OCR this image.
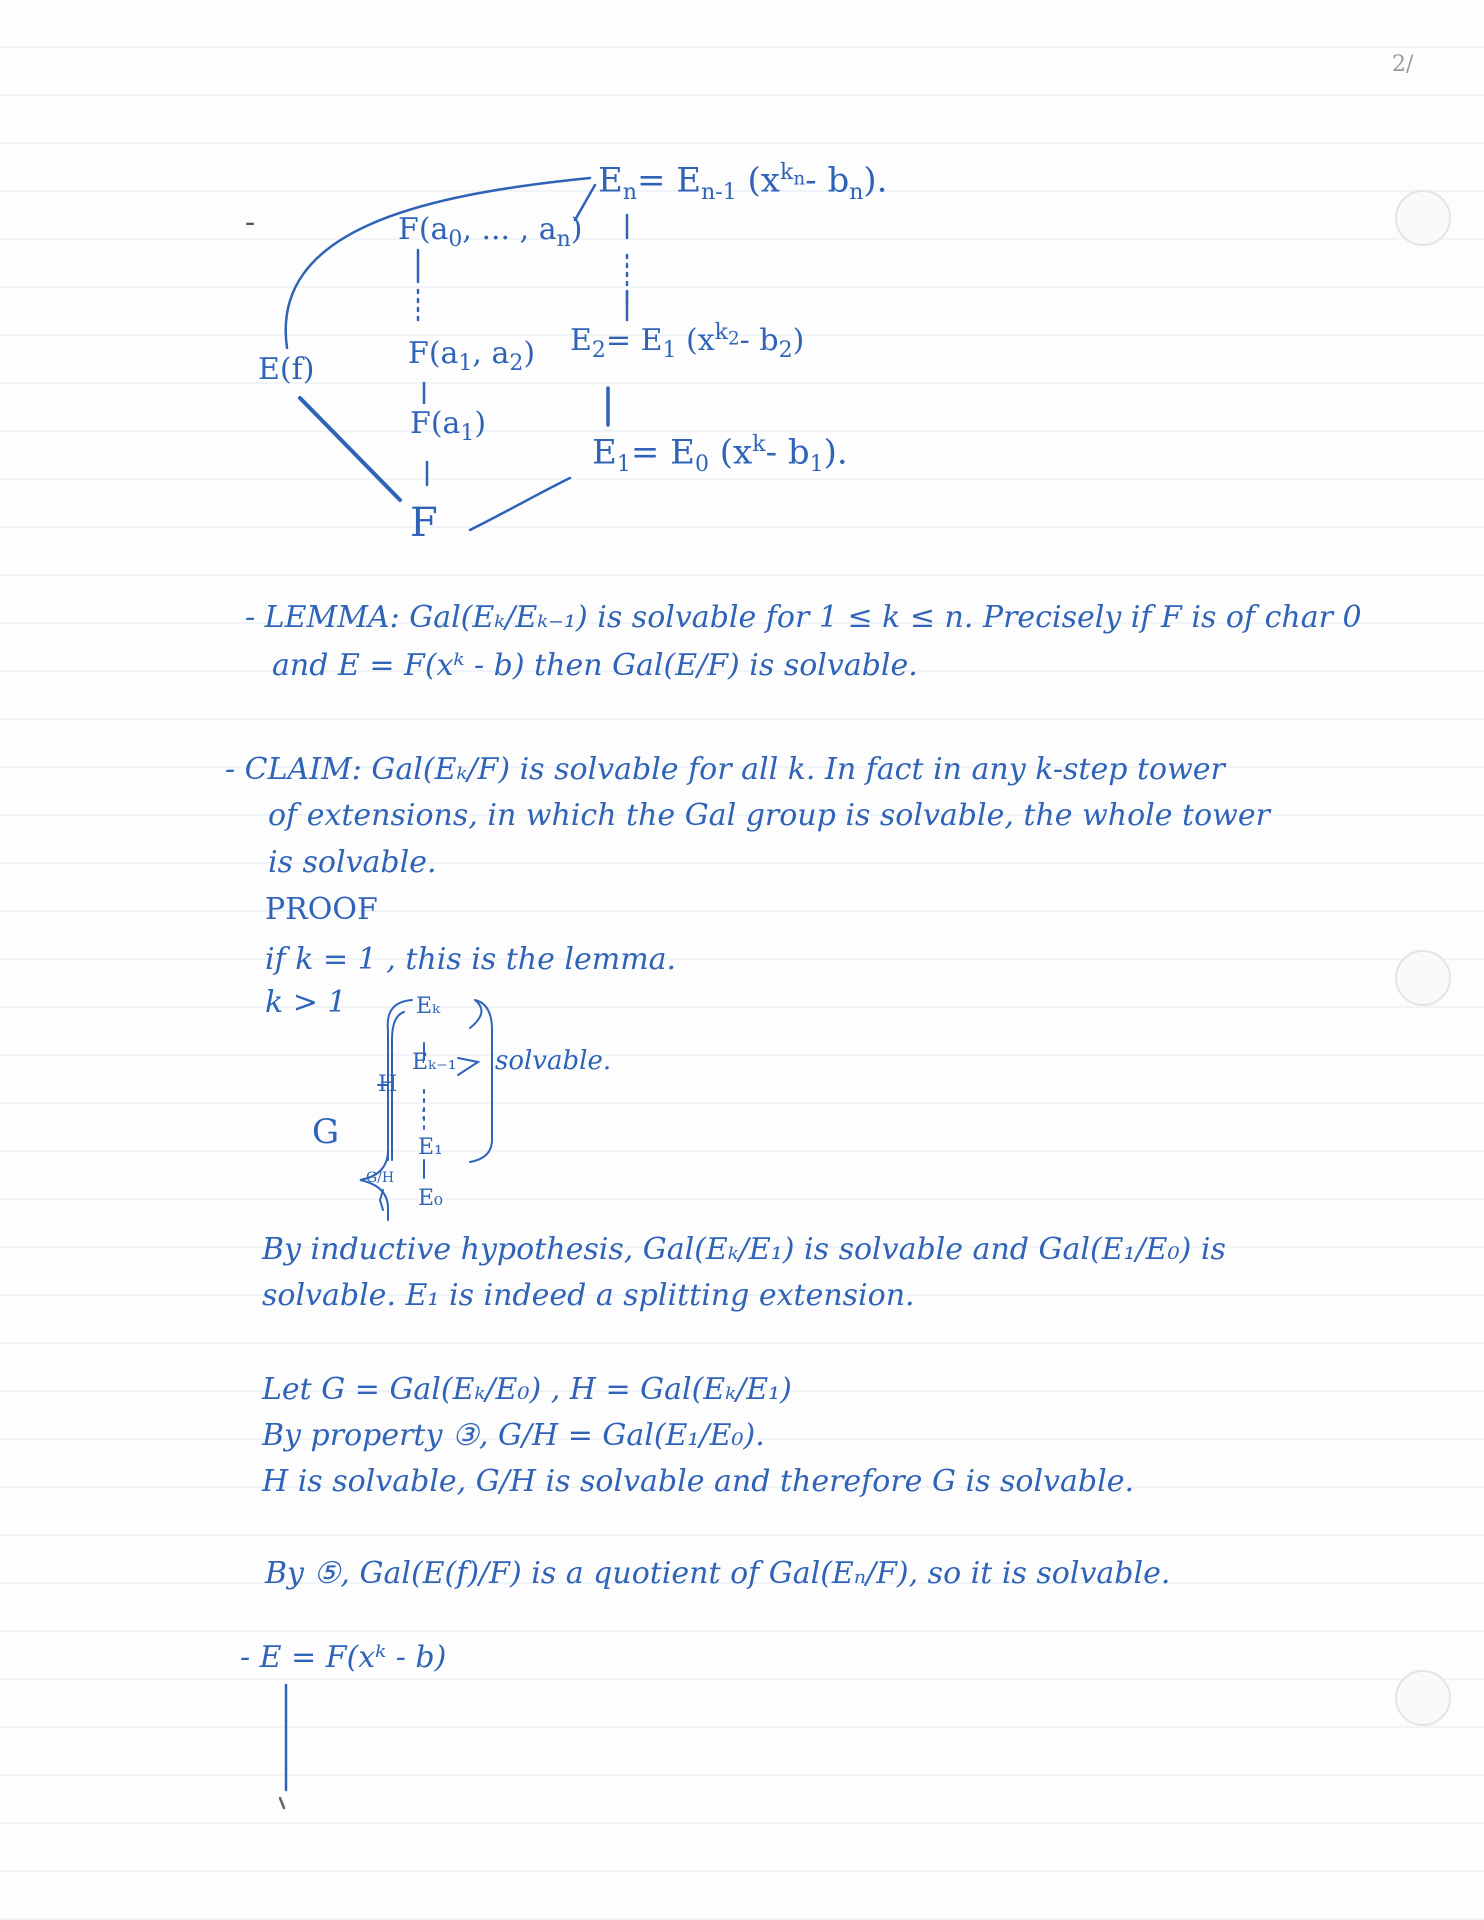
2/
-
$E_n= E_{n-1}$ ($x^{k_n}-$ $b_n$).
$F(a_0$, ... , $a_n$)
$F(a_1$, $a_2$)
$F(a_1)$
E(f)
F
$E_2= E_1$ ($x^{k_2}-$ $b_2$)
$E_1= E_0$ ($x^k-$ $b_1$).
- LEMMA: Gal(Eₖ/Eₖ₋₁) is solvable for 1 ≤ k ≤ n. Precisely if F is of char 0
and E = F(xᵏ - b) then Gal(E/F) is solvable.
- CLAIM: Gal(Eₖ/F) is solvable for all k. In fact in any k-step tower
of extensions, in which the Gal group is solvable, the whole tower
is solvable.
PROOF
if k = 1 , this is the lemma.
k > 1	Eₖ
Eₖ₋₁ solvable.
H
:
G	E₁
G/H
E₀
By inductive hypothesis, Gal(Eₖ/E₁) is solvable and Gal(E₁/E₀) is
solvable. E₁ is indeed a splitting extension.
Let G = Gal(Eₖ/E₀) , H = Gal(Eₖ/E₁)
By property ③, G/H = Gal(E₁/E₀).
H is solvable, G/H is solvable and therefore G is solvable.
By ⑤, Gal(E(f)/F) is a quotient of Gal(Eₙ/F), so it is solvable.
- E = F(xᵏ - b)
